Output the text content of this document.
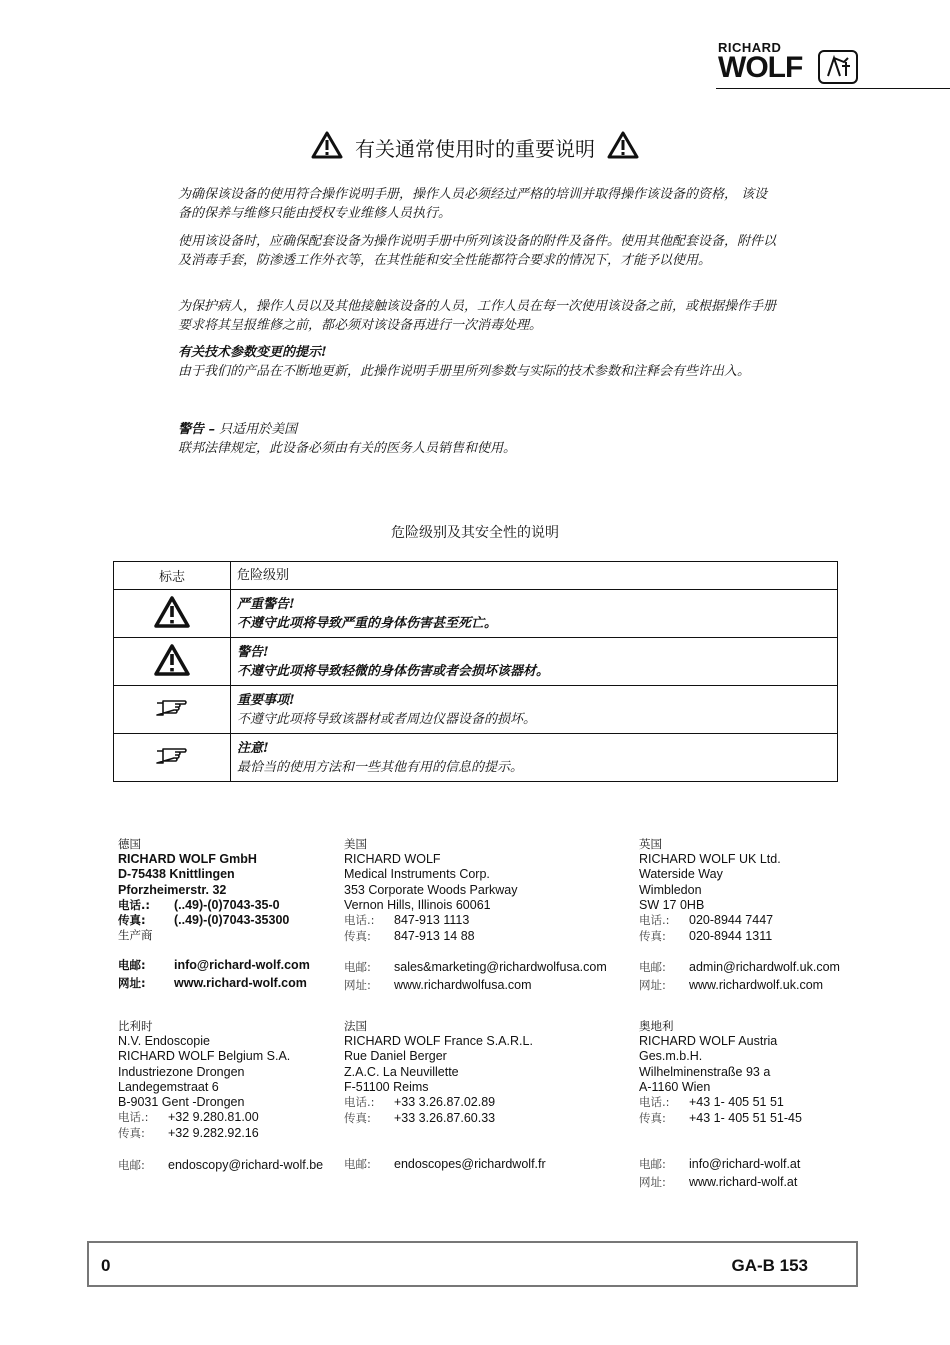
RICHARD
WOLF
有关通常使用时的重要说明

为确保该设备的使用符合操作说明手册，操作人员必须经过严格的培训并取得操作该设备的资格， 该设备的保养与维修只能由授权专业维修人员执行。

使用该设备时，应确保配套设备为操作说明手册中所列该设备的附件及备件。使用其他配套设备，附件以及消毒手套，防渗透工作外衣等，在其性能和安全性能都符合要求的情况下，才能予以使用。

为保护病人，操作人员以及其他接触该设备的人员，工作人员在每一次使用该设备之前，或根据操作手册要求将其呈报维修之前，都必须对该设备再进行一次消毒处理。

有关技术参数变更的提示!
由于我们的产品在不断地更新，此操作说明手册里所列参数与实际的技术参数和注释会有些许出入。
警告 – 只适用於美国
联邦法律规定，此设备必须由有关的医务人员销售和使用。
危险级别及其安全性的说明
标志	危险级别
	严重警告!
不遵守此项将导致严重的身体伤害甚至死亡。
	警告!
不遵守此项将导致轻微的身体伤害或者会损坏该器材。
	重要事项!
不遵守此项将导致该器材或者周边仪器设备的损坏。
	注意!
最恰当的使用方法和一些其他有用的信息的提示。
德国
RICHARD WOLF GmbH
D-75438 Knittlingen
Pforzheimerstr. 32
电话.:	(..49)-(0)7043-35-0
传真:	(..49)-(0)7043-35300
生产商
电邮:	info@richard-wolf.com
网址:	www.richard-wolf.com
美国
RICHARD WOLF
Medical Instruments Corp.
353 Corporate Woods Parkway
Vernon Hills, Illinois 60061
电话.:	847-913 1113
传真:	847-913 14 88
电邮:	sales&marketing@richardwolfusa.com
网址:	www.richardwolfusa.com
英国
RICHARD WOLF UK Ltd.
Waterside Way
Wimbledon
SW 17 0HB
电话.:	020-8944 7447
传真:	020-8944 1311
电邮:	admin@richardwolf.uk.com
网址:	www.richardwolf.uk.com
比利时
N.V. Endoscopie
RICHARD WOLF Belgium S.A.
Industriezone Drongen
Landegemstraat 6
B-9031 Gent -Drongen
电话.:	+32 9.280.81.00
传真:	+32 9.282.92.16
电邮:	endoscopy@richard-wolf.be
法国
RICHARD WOLF France S.A.R.L.
Rue Daniel Berger
Z.A.C. La Neuvillette
F-51100 Reims
电话.:	+33 3.26.87.02.89
传真:	+33 3.26.87.60.33
电邮:	endoscopes@richardwolf.fr
奥地利
RICHARD WOLF Austria
Ges.m.b.H.
Wilhelminenstraße 93 a
A-1160 Wien
电话.:	+43 1- 405 51 51
传真:	+43 1- 405 51 51-45
电邮:	info@richard-wolf.at
网址:	www.richard-wolf.at
0	GA-B 153
